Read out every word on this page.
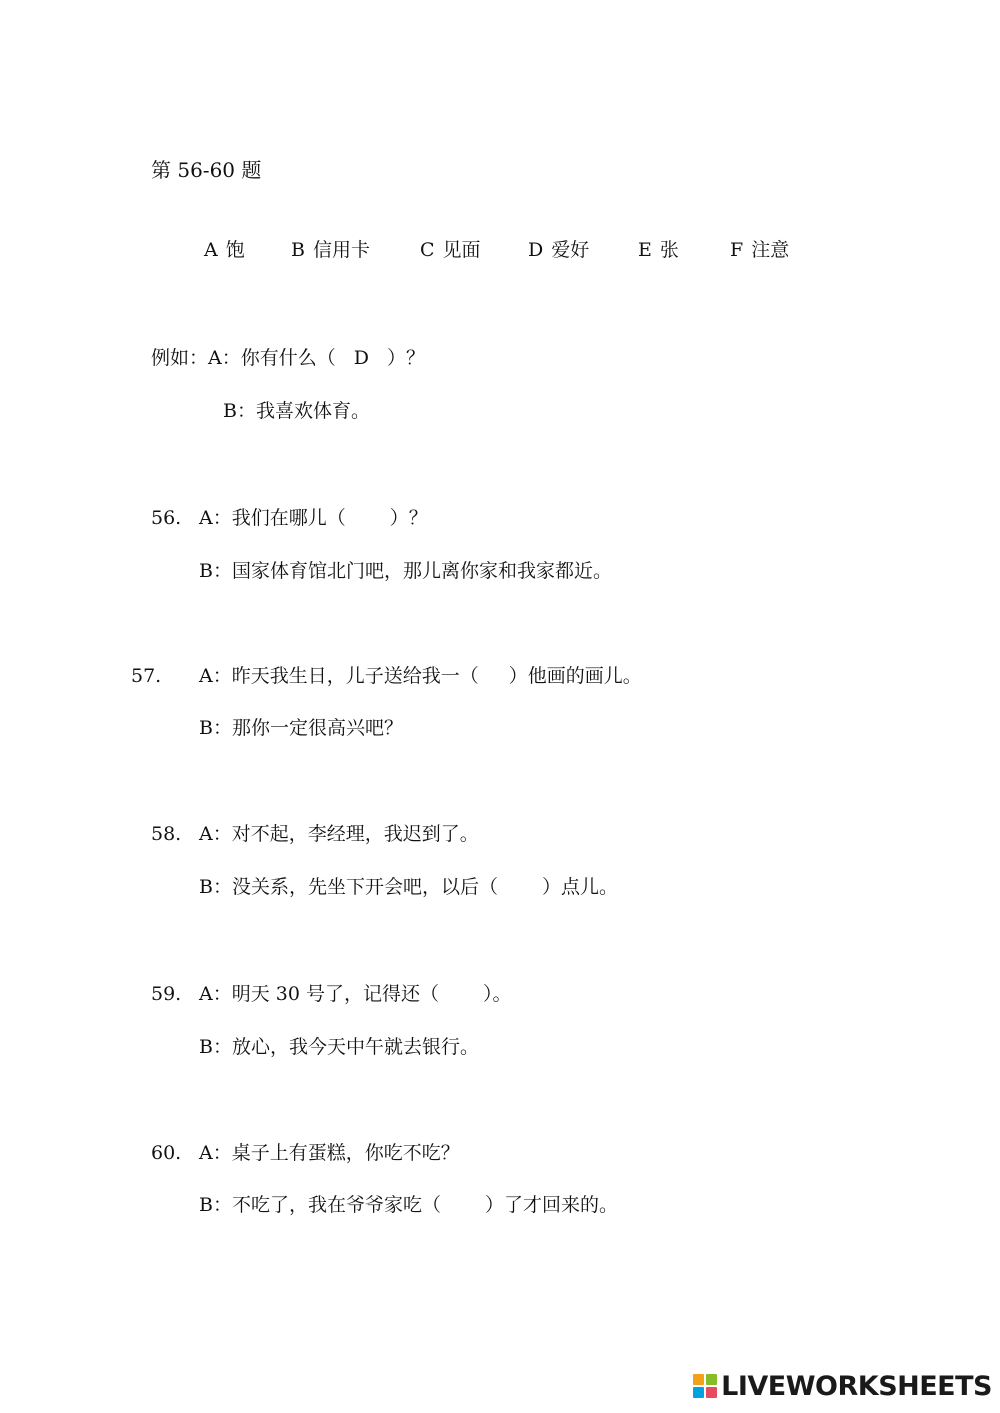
第 56-60 题
A 饱 B 信用卡	C 见面 D 爱好	E 张	F 注意
例如：A：你有什么（ D ）？
B：我喜欢体育。
56. A：我们在哪儿（ ）？
B：国家体育馆北门吧，那儿离你家和我家都近。
57. A：昨天我生日，儿子送给我一（ ）他画的画儿。
B：那你一定很高兴吧？
58. A：对不起，李经理，我迟到了。
B：没关系，先坐下开会吧，以后（ ）点儿。
59. A：明天 30 号了，记得还（ ）。
B：放心，我今天中午就去银行。
60. A：桌子上有蛋糕，你吃不吃？
B：不吃了，我在爷爷家吃（ ）了才回来的。
LIVEWORKSHEETS
